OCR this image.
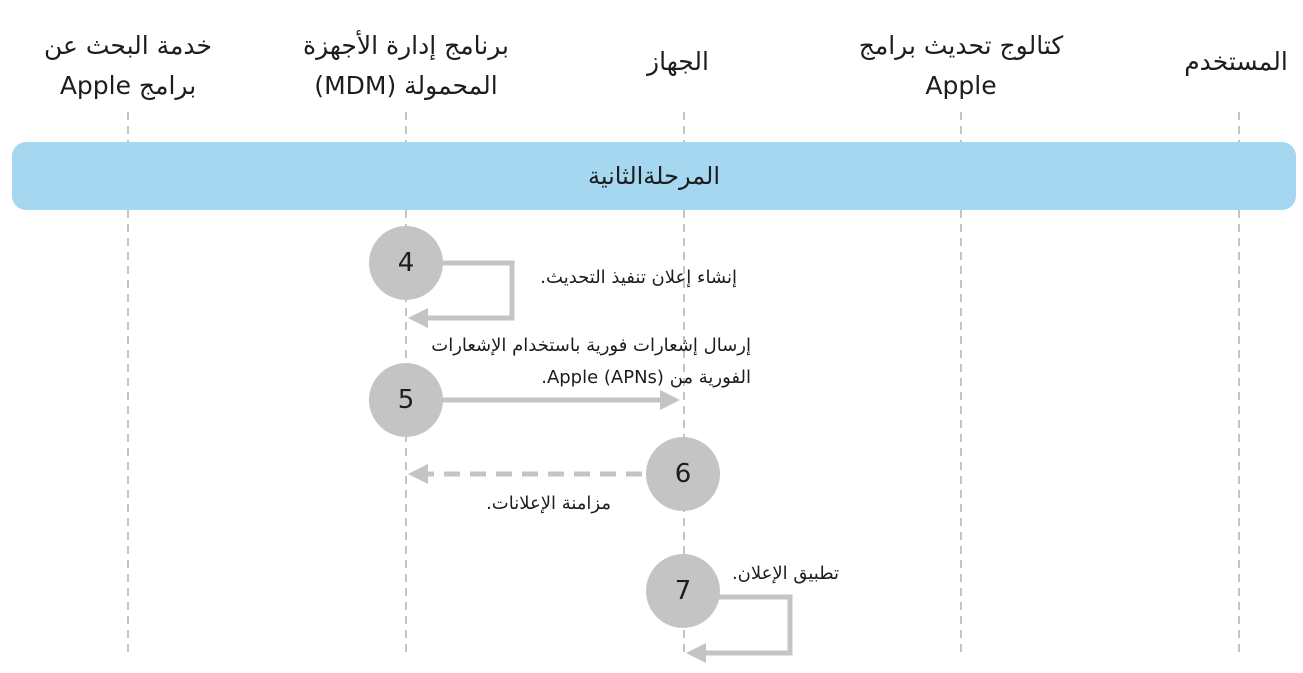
خدمة البحث عن
برامج Apple
برنامج إدارة الأجهزة
المحمولة (MDM)
الجهاز
كتالوج تحديث برامج
Apple
المستخدم
المرحلةالثانية
4
5
6
7
إنشاء إعلان تنفيذ التحديث.
إرسال إشعارات فورية باستخدام الإشعارات
الفورية من Apple (APNs).
مزامنة الإعلانات.
تطبيق الإعلان.
